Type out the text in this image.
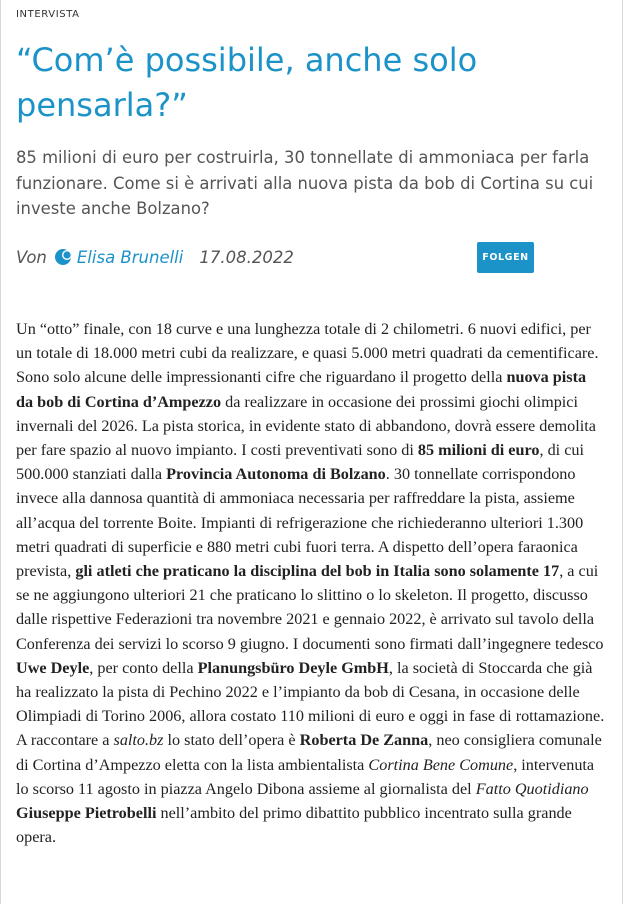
INTERVISTA
“Com’è possibile, anche solo
pensarla?”

85 milioni di euro per costruirla, 30 tonnellate di ammoniaca per farla funzionare. Come si è arrivati alla nuova pista da bob di Cortina su cui investe anche Bolzano?

Von Elisa Brunelli 17.08.2022	FOLGEN

Un “otto” finale, con 18 curve e una lunghezza totale di 2 chilometri. 6 nuovi edifici, per un totale di 18.000 metri cubi da realizzare, e quasi 5.000 metri quadrati da cementificare. Sono solo alcune delle impressionanti cifre che riguardano il progetto della nuova pista da bob di Cortina d’Ampezzo da realizzare in occasione dei prossimi giochi olimpici invernali del 2026. La pista storica, in evidente stato di abbandono, dovrà essere demolita per fare spazio al nuovo impianto. I costi preventivati sono di 85 milioni di euro, di cui 500.000 stanziati dalla Provincia Autonoma di Bolzano. 30 tonnellate corrispondono invece alla dannosa quantità di ammoniaca necessaria per raffreddare la pista, assieme all’acqua del torrente Boite. Impianti di refrigerazione che richiederanno ulteriori 1.300 metri quadrati di superficie e 880 metri cubi fuori terra. A dispetto dell’opera faraonica prevista, gli atleti che praticano la disciplina del bob in Italia sono solamente 17, a cui se ne aggiungono ulteriori 21 che praticano lo slittino o lo skeleton. Il progetto, discusso dalle rispettive Federazioni tra novembre 2021 e gennaio 2022, è arrivato sul tavolo della Conferenza dei servizi lo scorso 9 giugno. I documenti sono firmati dall’ingegnere tedesco Uwe Deyle, per conto della Planungsbüro Deyle GmbH, la società di Stoccarda che già ha realizzato la pista di Pechino 2022 e l’impianto da bob di Cesana, in occasione delle Olimpiadi di Torino 2006, allora costato 110 milioni di euro e oggi in fase di rottamazione. A raccontare a salto.bz lo stato dell’opera è Roberta De Zanna, neo consigliera comunale di Cortina d’Ampezzo eletta con la lista ambientalista Cortina Bene Comune, intervenuta lo scorso 11 agosto in piazza Angelo Dibona assieme al giornalista del Fatto Quotidiano Giuseppe Pietrobelli nell’ambito del primo dibattito pubblico incentrato sulla grande opera.
